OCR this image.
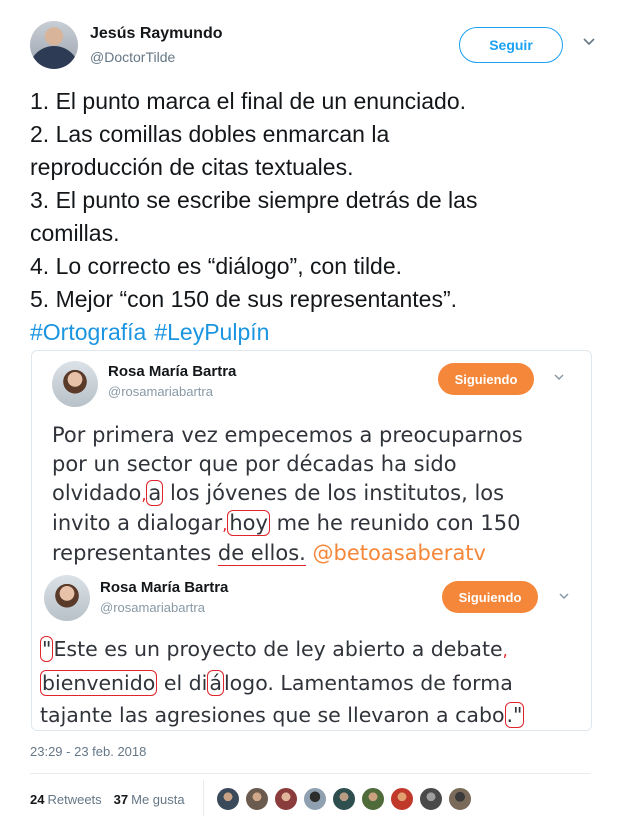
Jesús Raymundo
@DoctorTilde
Seguir
1. El punto marca el final de un enunciado.
2. Las comillas dobles enmarcan la
reproducción de citas textuales.
3. El punto se escribe siempre detrás de las
comillas.
4. Lo correcto es “diálogo”, con tilde.
5. Mejor “con 150 de sus representantes”.
#Ortografía #LeyPulpín
Rosa María Bartra
@rosamariabartra
Siguiendo
Por primera vez empecemos a preocuparnos
por un sector que por décadas ha sido
olvidado,a los jóvenes de los institutos, los
invito a dialogar,hoy me he reunido con 150
representantes de ellos. @betoasaberatv
Rosa María Bartra
@rosamariabartra
Siguiendo
"Este es un proyecto de ley abierto a debate,
bienvenido el diálogo. Lamentamos de forma
tajante las agresiones que se llevaron a cabo."
23:29 - 23 feb. 2018
24 Retweets 37 Me gusta
